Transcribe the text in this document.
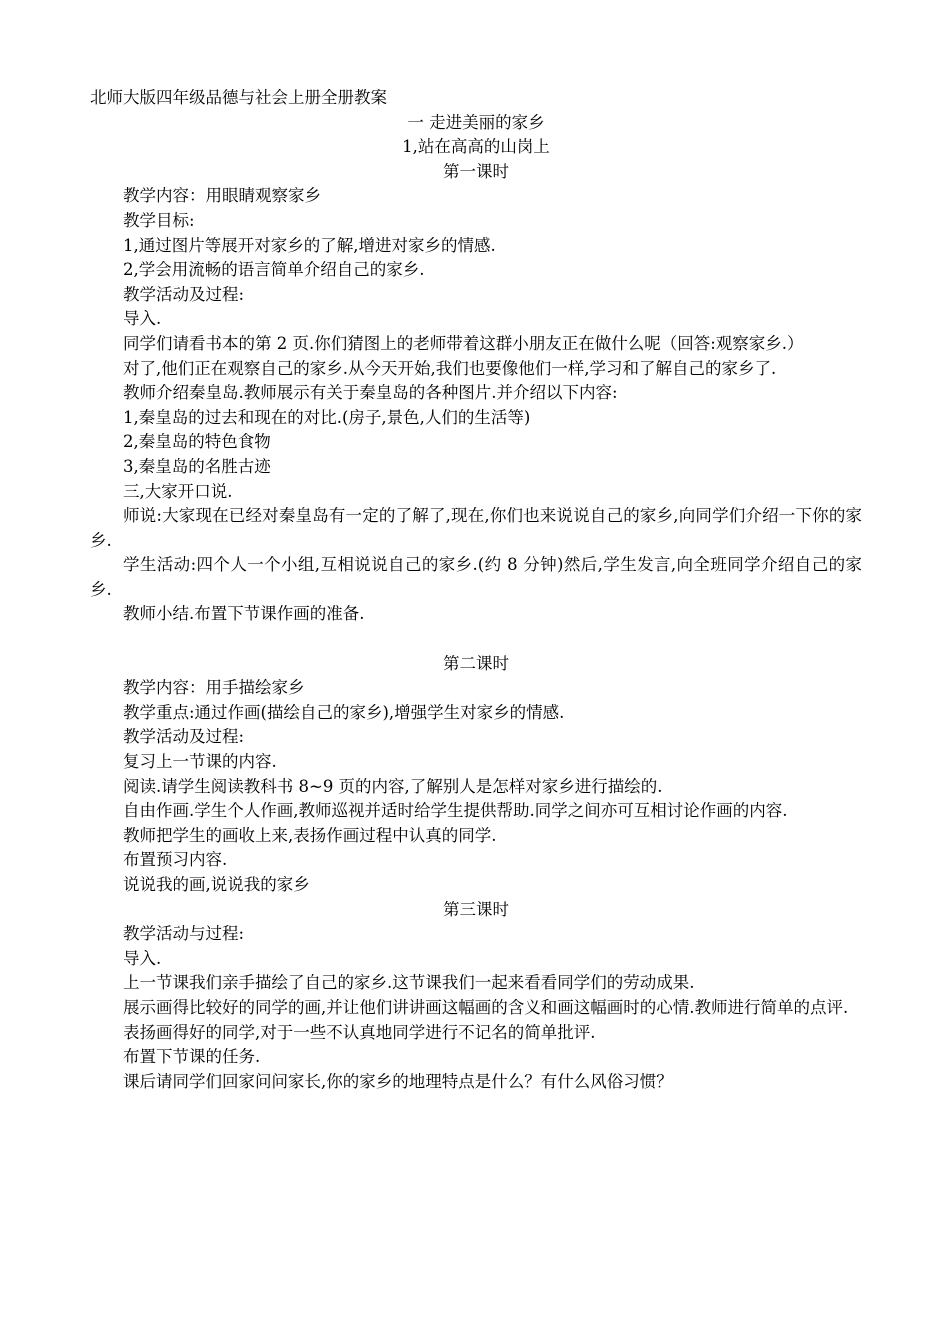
北师大版四年级品德与社会上册全册教案
一 走进美丽的家乡
1,站在高高的山岗上
第一课时
教学内容：用眼睛观察家乡
教学目标:
1,通过图片等展开对家乡的了解,增进对家乡的情感.
2,学会用流畅的语言简单介绍自己的家乡.
教学活动及过程:
导入.
同学们请看书本的第 2 页.你们猜图上的老师带着这群小朋友正在做什么呢（回答:观察家乡.）
对了,他们正在观察自己的家乡.从今天开始,我们也要像他们一样,学习和了解自己的家乡了.
教师介绍秦皇岛.教师展示有关于秦皇岛的各种图片.并介绍以下内容:
1,秦皇岛的过去和现在的对比.(房子,景色,人们的生活等)
2,秦皇岛的特色食物
3,秦皇岛的名胜古迹
三,大家开口说.
师说:大家现在已经对秦皇岛有一定的了解了,现在,你们也来说说自己的家乡,向同学们介绍一下你的家乡.
学生活动:四个人一个小组,互相说说自己的家乡.(约 8 分钟)然后,学生发言,向全班同学介绍自己的家乡.
教师小结.布置下节课作画的准备.
第二课时
教学内容：用手描绘家乡
教学重点:通过作画(描绘自己的家乡),增强学生对家乡的情感.
教学活动及过程:
复习上一节课的内容.
阅读.请学生阅读教科书 8~9 页的内容,了解别人是怎样对家乡进行描绘的.
自由作画.学生个人作画,教师巡视并适时给学生提供帮助.同学之间亦可互相讨论作画的内容.
教师把学生的画收上来,表扬作画过程中认真的同学.
布置预习内容.
说说我的画,说说我的家乡
第三课时
教学活动与过程:
导入.
上一节课我们亲手描绘了自己的家乡.这节课我们一起来看看同学们的劳动成果.
展示画得比较好的同学的画,并让他们讲讲画这幅画的含义和画这幅画时的心情.教师进行简单的点评.
表扬画得好的同学,对于一些不认真地同学进行不记名的简单批评.
布置下节课的任务.
课后请同学们回家问问家长,你的家乡的地理特点是什么？有什么风俗习惯？
